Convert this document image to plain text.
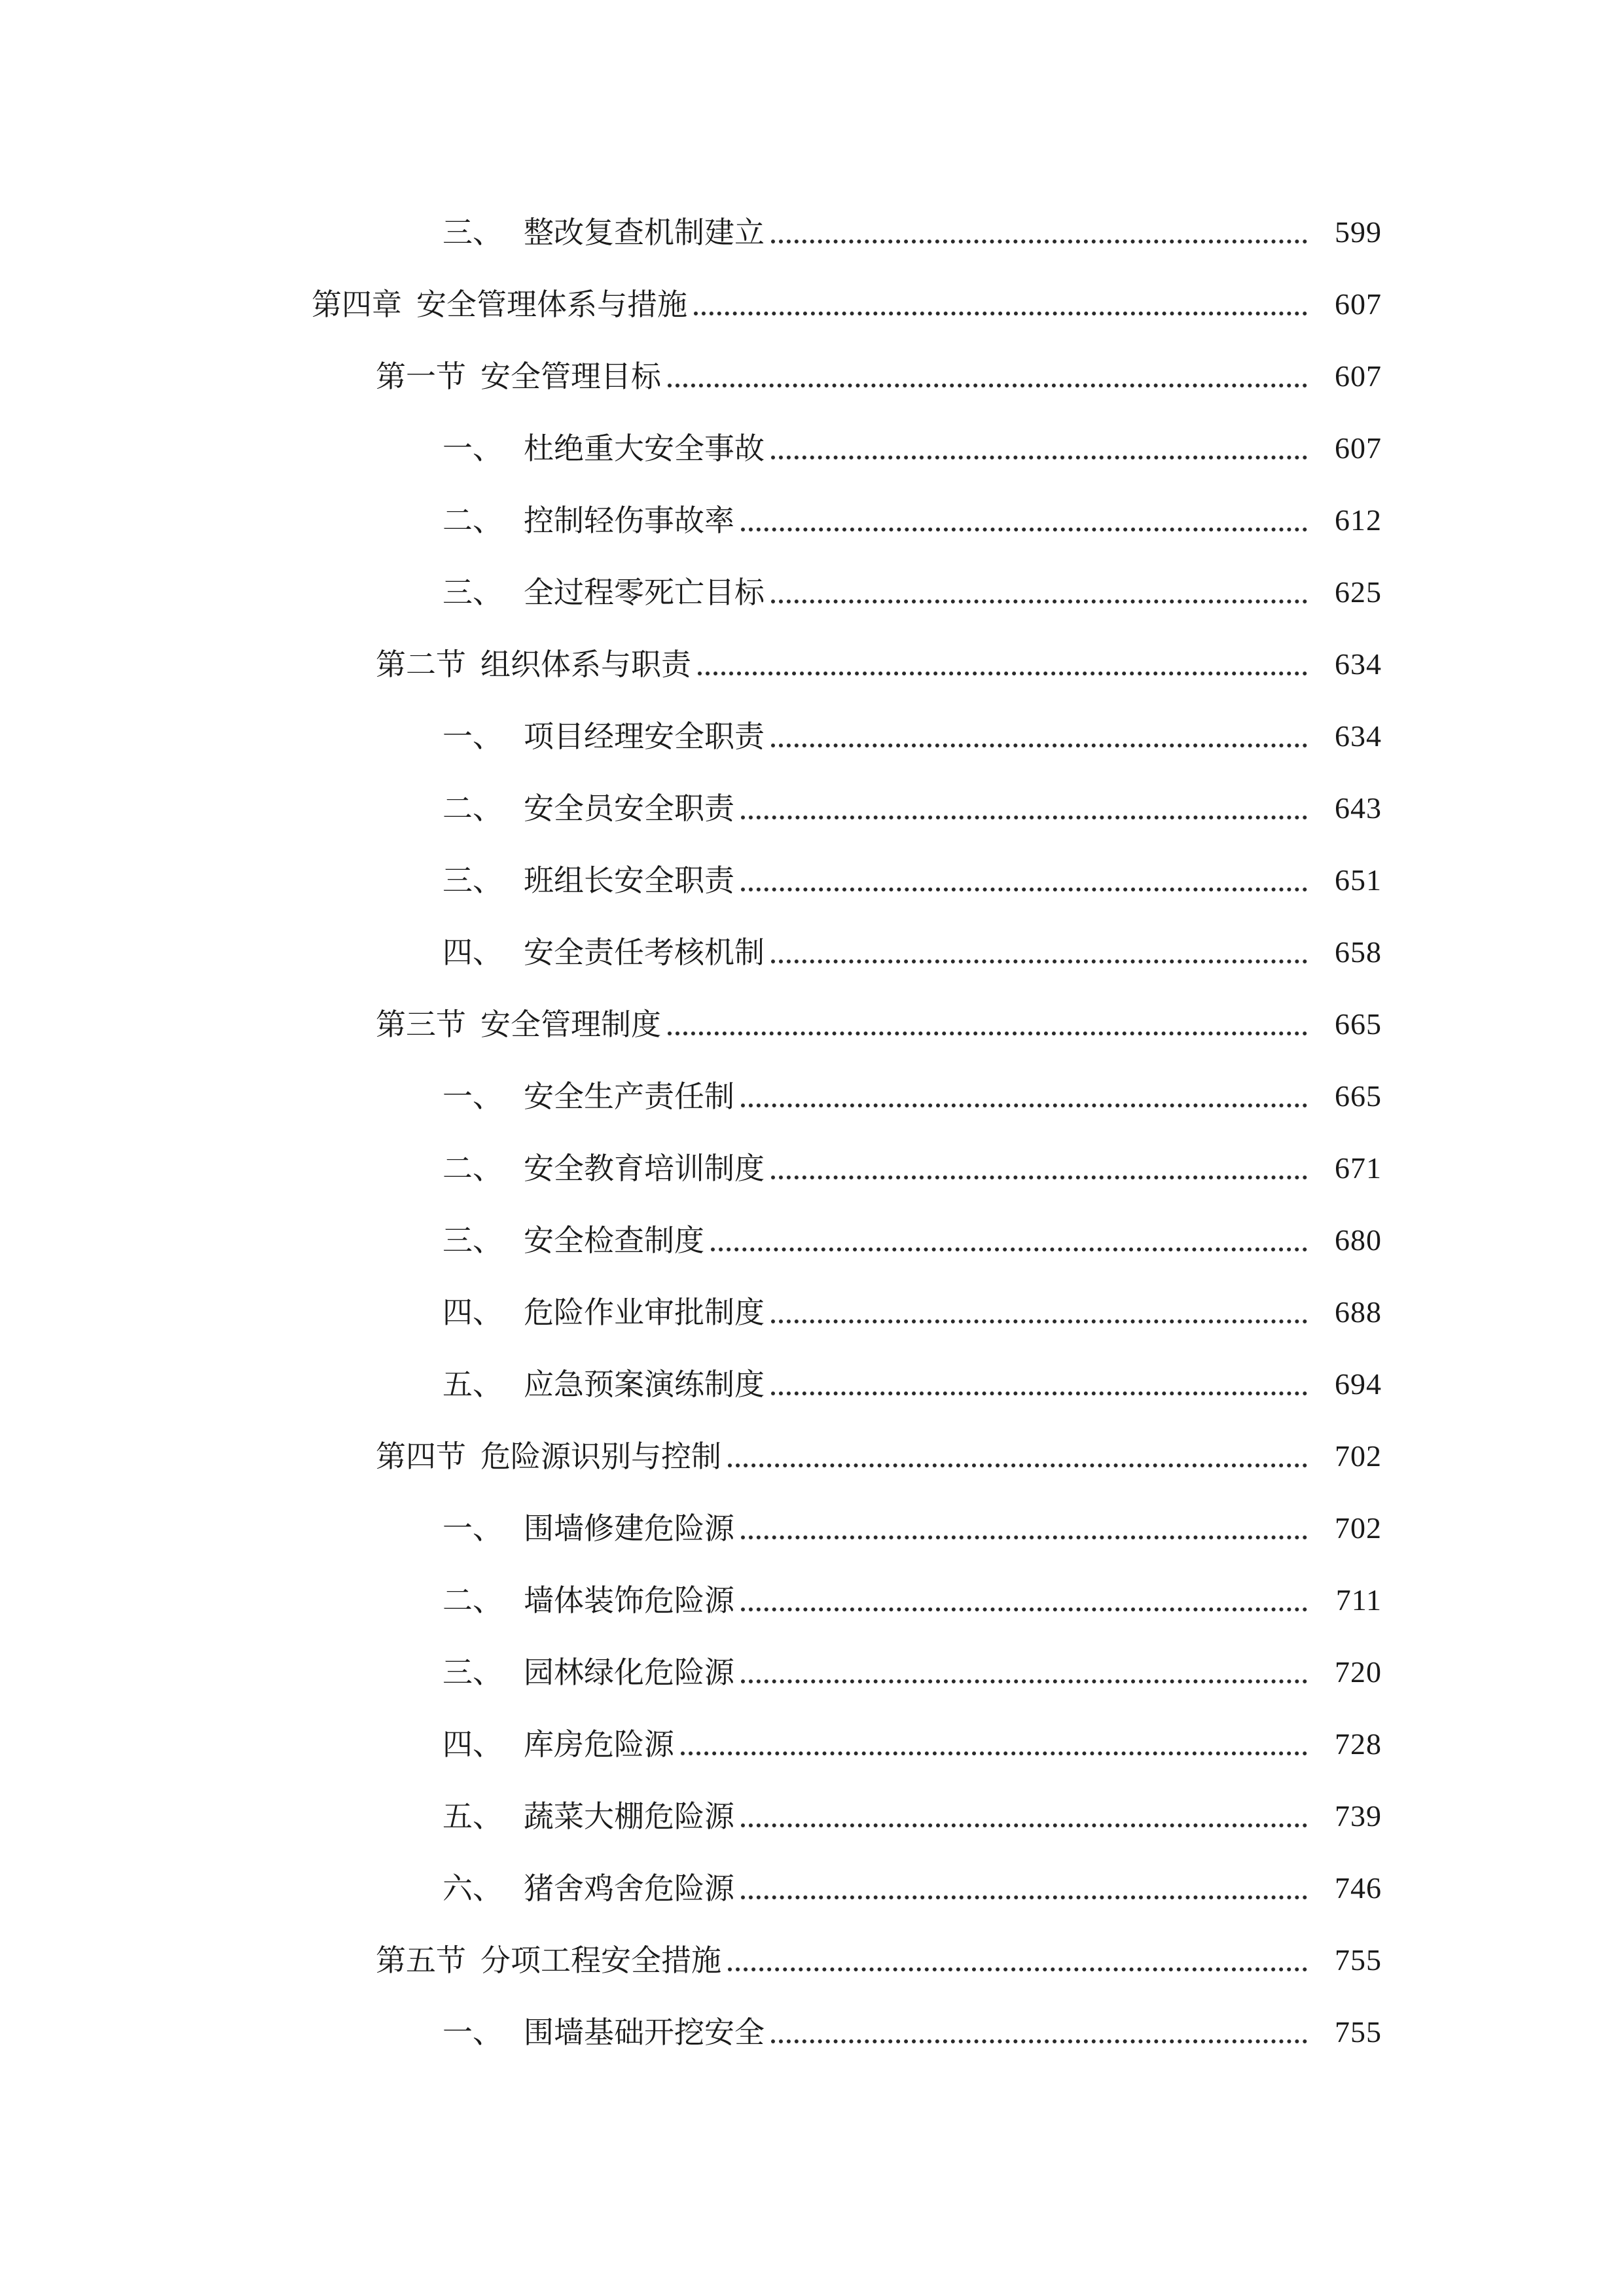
三、 整改复查机制建立	599
第四章 安全管理体系与措施	607
第一节 安全管理目标	607
一、 杜绝重大安全事故	607
二、 控制轻伤事故率	612
三、 全过程零死亡目标	625
第二节 组织体系与职责	634
一、 项目经理安全职责	634
二、 安全员安全职责	643
三、 班组长安全职责	651
四、 安全责任考核机制	658
第三节 安全管理制度	665
一、 安全生产责任制	665
二、 安全教育培训制度	671
三、 安全检查制度	680
四、 危险作业审批制度	688
五、 应急预案演练制度	694
第四节 危险源识别与控制	702
一、 围墙修建危险源	702
二、 墙体装饰危险源	711
三、 园林绿化危险源	720
四、 库房危险源	728
五、 蔬菜大棚危险源	739
六、 猪舍鸡舍危险源	746
第五节 分项工程安全措施	755
一、 围墙基础开挖安全	755
